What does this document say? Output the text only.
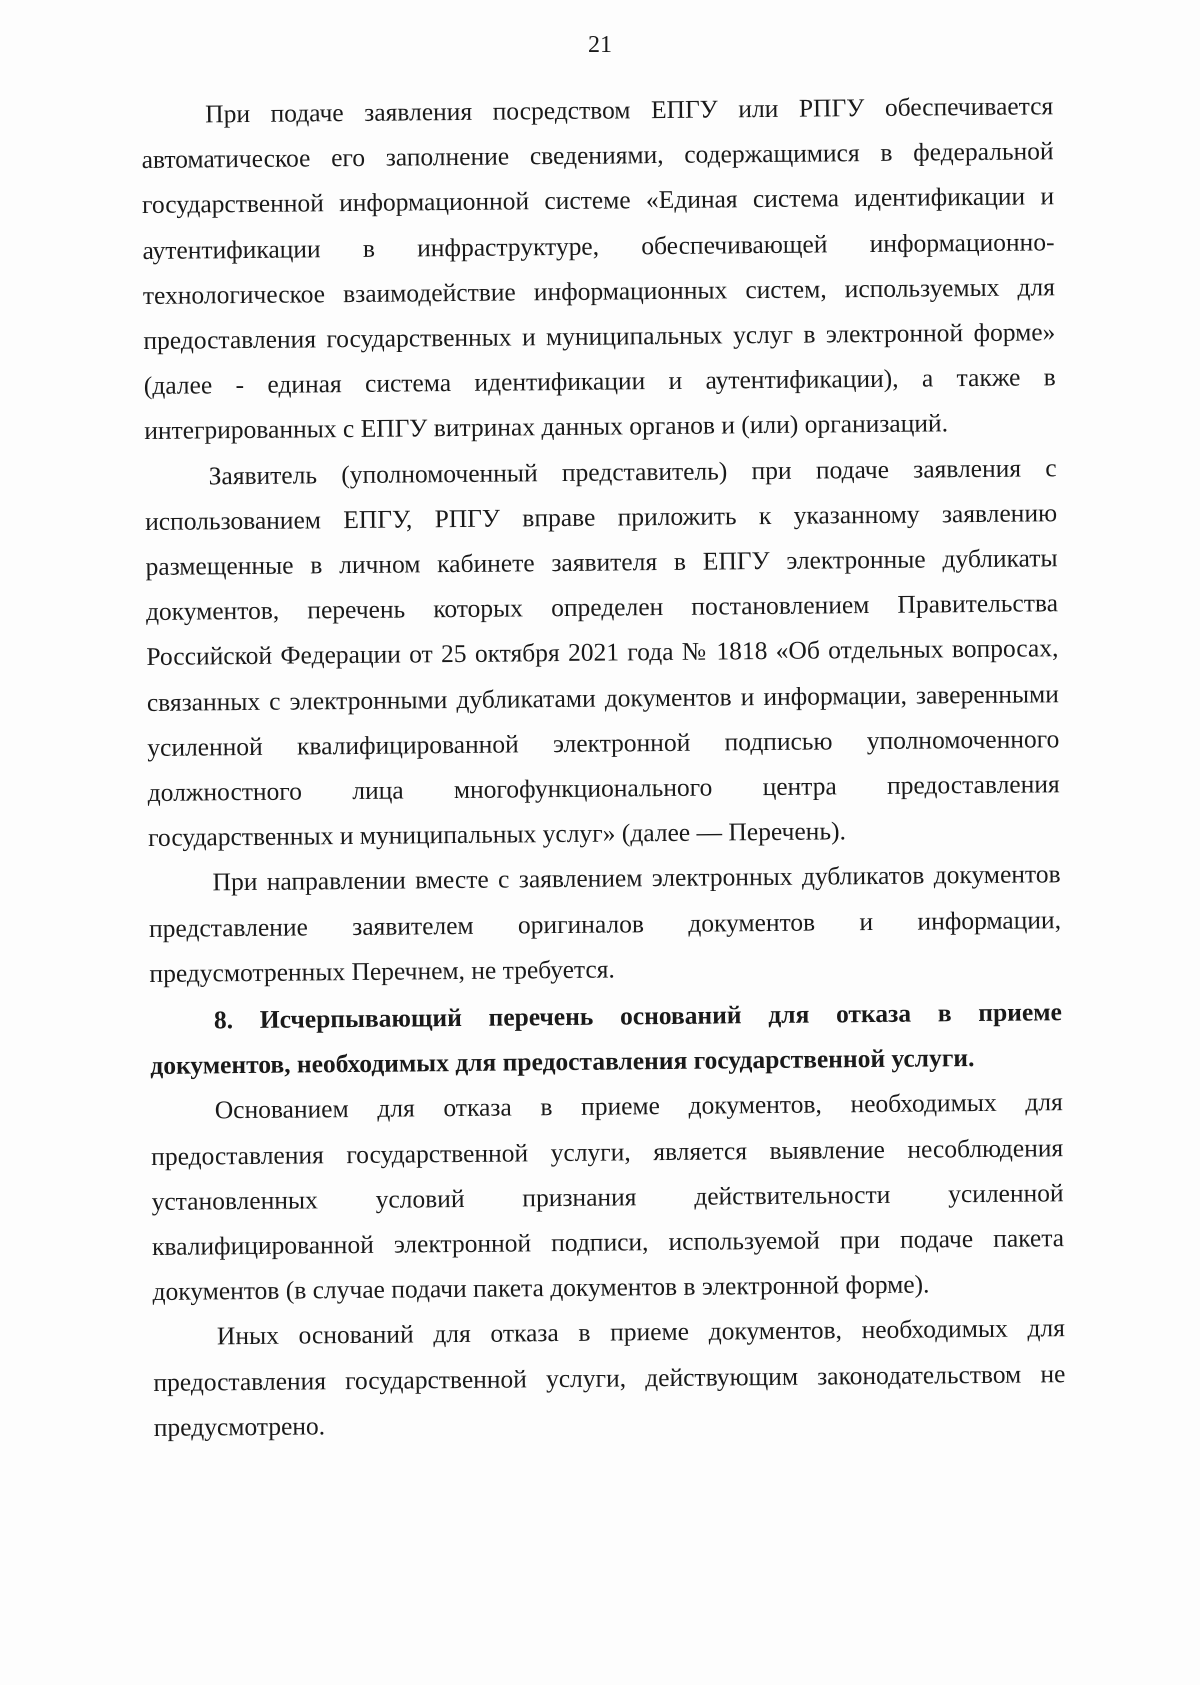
21

При подаче заявления посредством ЕПГУ или РПГУ обеспечивается автоматическое его заполнение сведениями, содержащимися в федеральной государственной информационной системе «Единая система идентификации и аутентификации в инфраструктуре, обеспечивающей информационно-технологическое взаимодействие информационных систем, используемых для предоставления государственных и муниципальных услуг в электронной форме» (далее - единая система идентификации и аутентификации), а также в интегрированных с ЕПГУ витринах данных органов и (или) организаций.

Заявитель (уполномоченный представитель) при подаче заявления с использованием ЕПГУ, РПГУ вправе приложить к указанному заявлению размещенные в личном кабинете заявителя в ЕПГУ электронные дубликаты документов, перечень которых определен постановлением Правительства Российской Федерации от 25 октября 2021 года № 1818 «Об отдельных вопросах, связанных с электронными дубликатами документов и информации, заверенными усиленной квалифицированной электронной подписью уполномоченного должностного лица многофункционального центра предоставления государственных и муниципальных услуг» (далее — Перечень).

При направлении вместе с заявлением электронных дубликатов документов представление заявителем оригиналов документов и информации, предусмотренных Перечнем, не требуется.

8. Исчерпывающий перечень оснований для отказа в приеме документов, необходимых для предоставления государственной услуги.

Основанием для отказа в приеме документов, необходимых для предоставления государственной услуги, является выявление несоблюдения установленных условий признания действительности усиленной квалифицированной электронной подписи, используемой при подаче пакета документов (в случае подачи пакета документов в электронной форме).

Иных оснований для отказа в приеме документов, необходимых для предоставления государственной услуги, действующим законодательством не предусмотрено.
